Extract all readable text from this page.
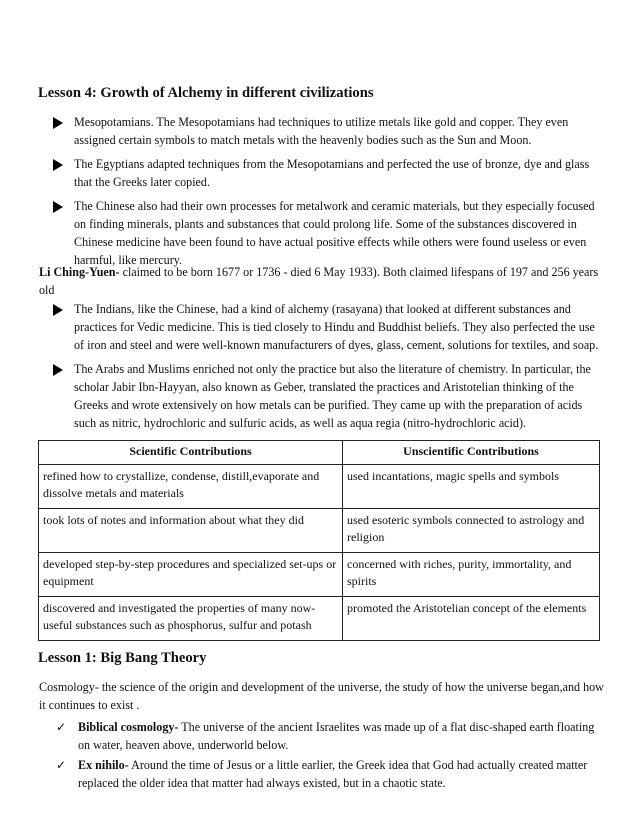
Lesson 4: Growth of Alchemy in different civilizations
Mesopotamians. The Mesopotamians had techniques to utilize metals like gold and copper. They even assigned certain symbols to match metals with the heavenly bodies such as the Sun and Moon.
The Egyptians adapted techniques from the Mesopotamians and perfected the use of bronze, dye and glass that the Greeks later copied.
The Chinese also had their own processes for metalwork and ceramic materials, but they especially focused on finding minerals, plants and substances that could prolong life. Some of the substances discovered in Chinese medicine have been found to have actual positive effects while others were found useless or even harmful, like mercury.

Li Ching-Yuen- claimed to be born 1677 or 1736 - died 6 May 1933). Both claimed lifespans of 197 and 256 years old

The Indians, like the Chinese, had a kind of alchemy (rasayana) that looked at different substances and practices for Vedic medicine. This is tied closely to Hindu and Buddhist beliefs. They also perfected the use of iron and steel and were well-known manufacturers of dyes, glass, cement, solutions for textiles, and soap.
The Arabs and Muslims enriched not only the practice but also the literature of chemistry. In particular, the scholar Jabir Ibn-Hayyan, also known as Geber, translated the practices and Aristotelian thinking of the Greeks and wrote extensively on how metals can be purified. They came up with the preparation of acids such as nitric, hydrochloric and sulfuric acids, as well as aqua regia (nitro-hydrochloric acid).
Scientific Contributions	Unscientific Contributions
refined how to crystallize, condense, distill,evaporate and dissolve metals and materials	used incantations, magic spells and symbols
took lots of notes and information about what they did	used esoteric symbols connected to astrology and religion
developed step-by-step procedures and specialized set-ups or equipment	concerned with riches, purity, immortality, and spirits
discovered and investigated the properties of many now-useful substances such as phosphorus, sulfur and potash	promoted the Aristotelian concept of the elements
Lesson 1: Big Bang Theory

Cosmology- the science of the origin and development of the universe, the study of how the universe began,and how it continues to exist .

✓ Biblical cosmology- The universe of the ancient Israelites was made up of a flat disc-shaped earth floating on water, heaven above, underworld below.
✓ Ex nihilo- Around the time of Jesus or a little earlier, the Greek idea that God had actually created matter replaced the older idea that matter had always existed, but in a chaotic state.
